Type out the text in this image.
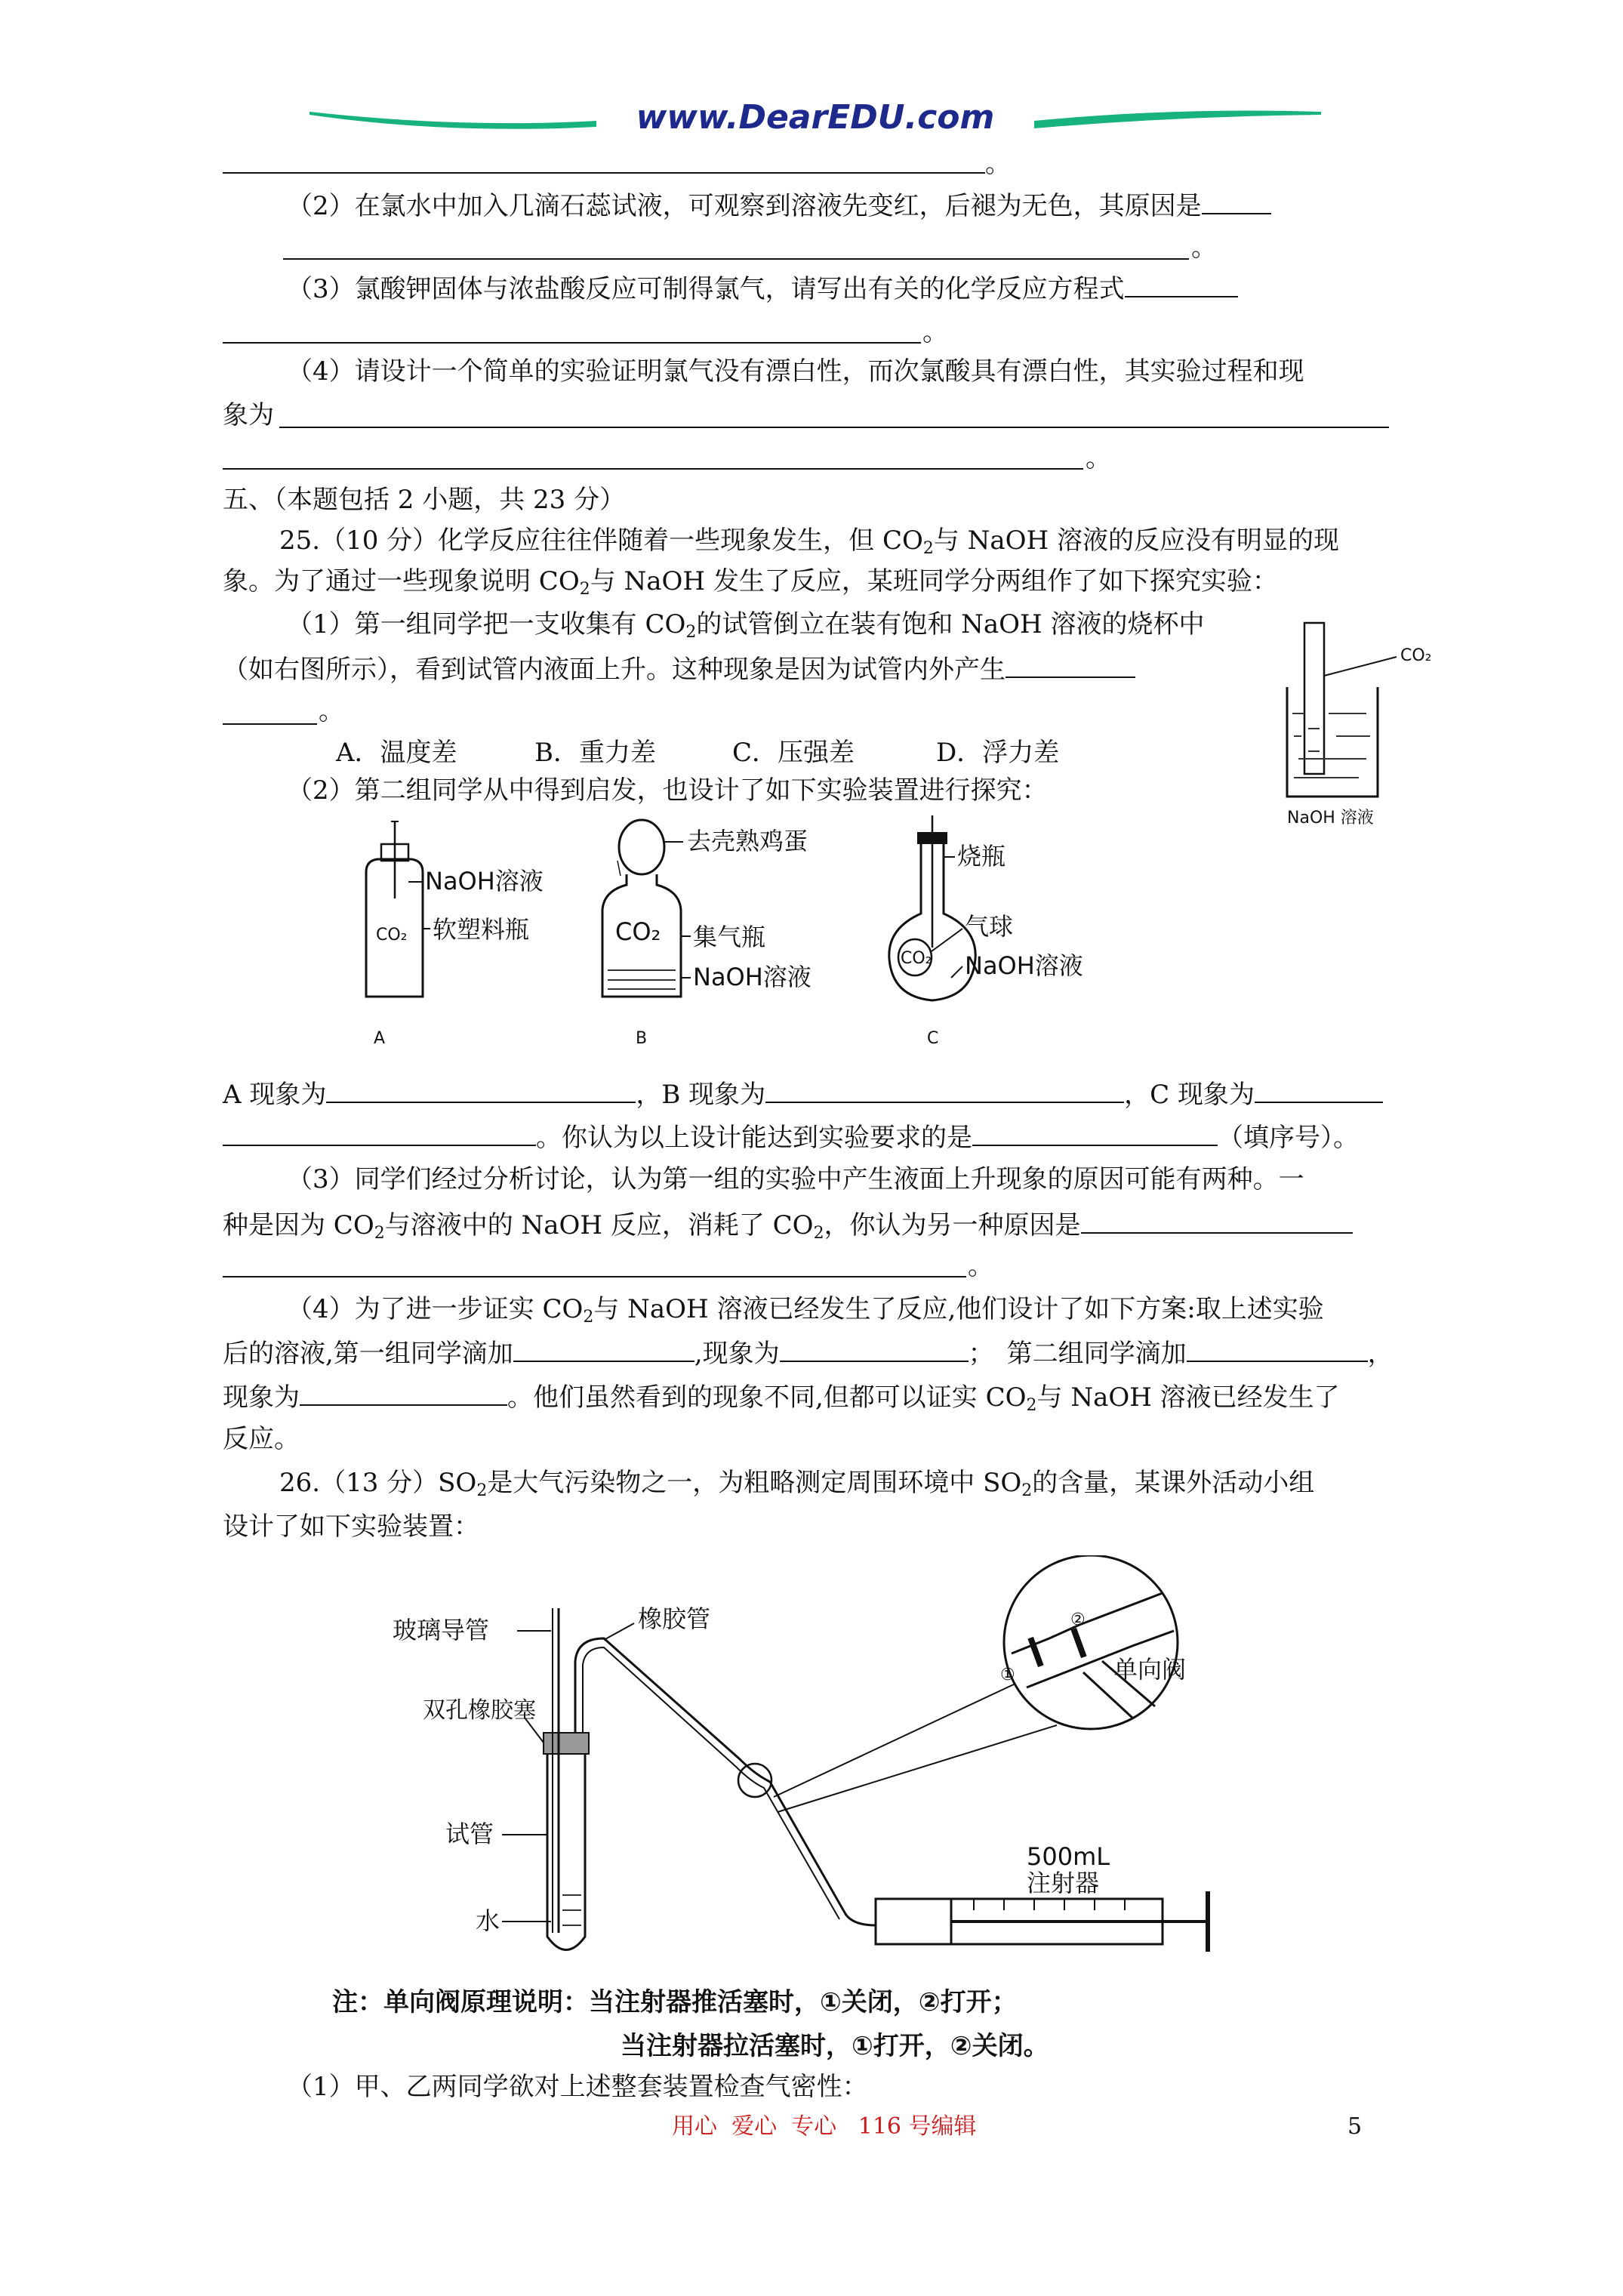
www.DearEDU.com
。
（2）在氯水中加入几滴石蕊试液，可观察到溶液先变红，后褪为无色，其原因是
。
（3）氯酸钾固体与浓盐酸反应可制得氯气，请写出有关的化学反应方程式
。
（4）请设计一个简单的实验证明氯气没有漂白性，而次氯酸具有漂白性，其实验过程和现
象为
。
五、（本题包括 2 小题，共 23 分）
25.（10 分）化学反应往往伴随着一些现象发生，但 $CO_2$与 NaOH 溶液的反应没有明显的现
象。为了通过一些现象说明 $CO_2$与 NaOH 发生了反应，某班同学分两组作了如下探究实验：
（1）第一组同学把一支收集有 $CO_2$的试管倒立在装有饱和 NaOH 溶液的烧杯中
（如右图所示），看到试管内液面上升。这种现象是因为试管内外产生
。
A．温度差	B．重力差	C．压强差	D．浮力差
CO₂
NaOH 溶液
（2）第二组同学从中得到启发，也设计了如下实验装置进行探究：
NaOH溶液
软塑料瓶
CO₂
A
去壳熟鸡蛋
CO₂ 集气瓶
NaOH溶液
B
CO₂
烧瓶
气球
NaOH溶液
C
A 现象为	，B 现象为	，C 现象为
。你认为以上设计能达到实验要求的是	（填序号）。
（3）同学们经过分析讨论，认为第一组的实验中产生液面上升现象的原因可能有两种。一
种是因为 $CO_2$与溶液中的 NaOH 反应，消耗了 $CO_2$，你认为另一种原因是
。
（4）为了进一步证实 $CO_2$与 NaOH 溶液已经发生了反应,他们设计了如下方案:取上述实验
后的溶液,第一组同学滴加	,现象为	；　第二组同学滴加	，
现象为	。他们虽然看到的现象不同,但都可以证实 $CO_2$与 NaOH 溶液已经发生了
反应。
26.（13 分）$SO_2$是大气污染物之一，为粗略测定周围环境中 $SO_2$的含量，某课外活动小组
设计了如下实验装置：
①
②
单向阀
500mL
注射器
玻璃导管	橡胶管
双孔橡胶塞
试管
水
注：单向阀原理说明：当注射器推活塞时，①关闭，②打开；
当注射器拉活塞时，①打开，②关闭。
（1）甲、乙两同学欲对上述整套装置检查气密性：
用心  爱心  专心   116 号编辑	5
